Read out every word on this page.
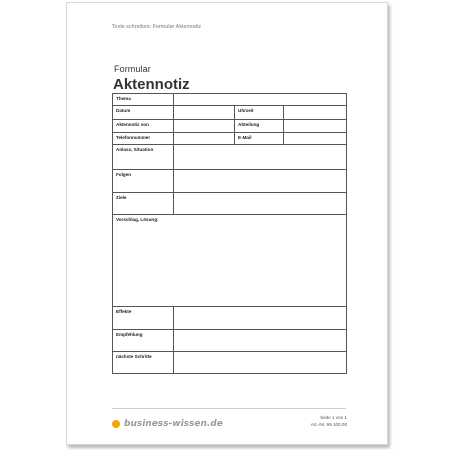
Texte schreiben: Formular Aktennotiz
Formular
Aktennotiz
Thema
Datum	Uhrzeit
Aktennotiz von	Abteilung
Telefonnummer	E-Mail
Anlass, Situation
Folgen
Ziele
Vorschlag, Lösung:
Effekte
Empfehlung
nächste Schritte
business-wissen.de
Seite 1 von 1
Art.-Nr. 99.100.00
